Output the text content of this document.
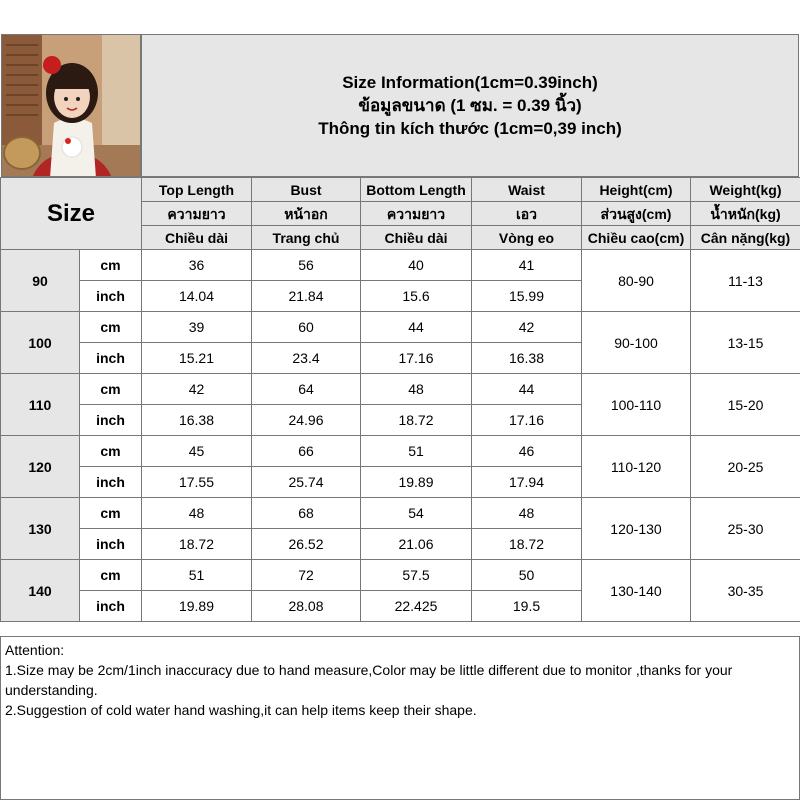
Size Information(1cm=0.39inch)
ข้อมูลขนาด (1 ซม. = 0.39 นิ้ว)
Thông tin kích thước (1cm=0,39 inch)
Size		Top Length	Bust	Bottom Length	Waist	Height(cm)	Weight(kg)
		ความยาว	หน้าอก	ความยาว	เอว	ส่วนสูง(cm)	น้ำหนัก(kg)
		Chiều dài	Trang chủ	Chiều dài	Vòng eo	Chiều cao(cm)	Cân nặng(kg)
90	cm	36	56	40	41	80-90	11-13
	inch	14.04	21.84	15.6	15.99		
100	cm	39	60	44	42	90-100	13-15
	inch	15.21	23.4	17.16	16.38		
110	cm	42	64	48	44	100-110	15-20
	inch	16.38	24.96	18.72	17.16		
120	cm	45	66	51	46	110-120	20-25
	inch	17.55	25.74	19.89	17.94		
130	cm	48	68	54	48	120-130	25-30
	inch	18.72	26.52	21.06	18.72		
140	cm	51	72	57.5	50	130-140	30-35
	inch	19.89	28.08	22.425	19.5		

Attention:

1.Size may be 2cm/1inch inaccuracy due to hand measure,Color may be little different due to monitor ,thanks for your understanding.

2.Suggestion of cold water hand washing,it can help items keep their shape.
